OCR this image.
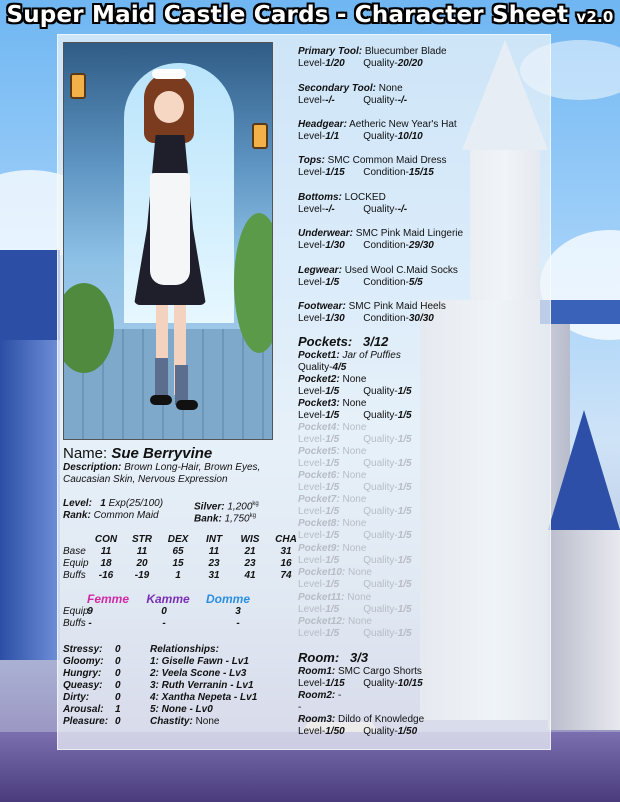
Super Maid Castle Cards - Character Sheet v2.0
Name: Sue Berryvine
Description: Brown Long-Hair, Brown Eyes,
Caucasian Skin, Nervous Expression
Level: 1 Exp(25/100)	Silver: $1,200^{kg}$
Rank: Common Maid	Bank: $1,750^{kg}$
CON STR DEX INT WIS CHA
Base 11	11	65	11	21 31
Equip 18 20 15 23 23 16
Buffs -16 -19	1	31 41 74
Femme Kamme Domme
Equip9	0	3
Buffs -	-	-
Stressy: 0
Gloomy: 0
Hungry: 0
Queasy: 0
Dirty:	0
Arousal: 1
Pleasure: 0
Relationships:
1: Giselle Fawn - Lv1
2: Veela Scone - Lv3
3: Ruth Verranin - Lv1
4: Xantha Nepeta - Lv1
5: None - Lv0
Chastity: None
Primary Tool: Bluecumber Blade
Level-1/20 Quality-20/20
Secondary Tool: None
Level--/-	Quality--/-
Headgear: Aetheric New Year's Hat
Level-1/1 Quality-10/10
Tops: SMC Common Maid Dress
Level-1/15 Condition-15/15
Bottoms: LOCKED
Level--/-	Quality--/-
Underwear: SMC Pink Maid Lingerie
Level-1/30 Condition-29/30
Legwear: Used Wool C.Maid Socks
Level-1/5 Condition-5/5
Footwear: SMC Pink Maid Heels
Level-1/30 Condition-30/30
Pockets: 3/12
Pocket1: Jar of Puffies
Quality-4/5
Pocket2: None
Level-1/5 Quality-1/5
Pocket3: None
Level-1/5 Quality-1/5
Pocket4: None
Level-1/5 Quality-1/5
Pocket5: None
Level-1/5 Quality-1/5
Pocket6: None
Level-1/5 Quality-1/5
Pocket7: None
Level-1/5 Quality-1/5
Pocket8: None
Level-1/5 Quality-1/5
Pocket9: None
Level-1/5 Quality-1/5
Pocket10: None
Level-1/5 Quality-1/5
Pocket11: None
Level-1/5 Quality-1/5
Pocket12: None
Level-1/5 Quality-1/5
Room: 3/3
Room1: SMC Cargo Shorts
Level-1/15 Quality-10/15
Room2: -
-
Room3: Dildo of Knowledge
Level-1/50 Quality-1/50
